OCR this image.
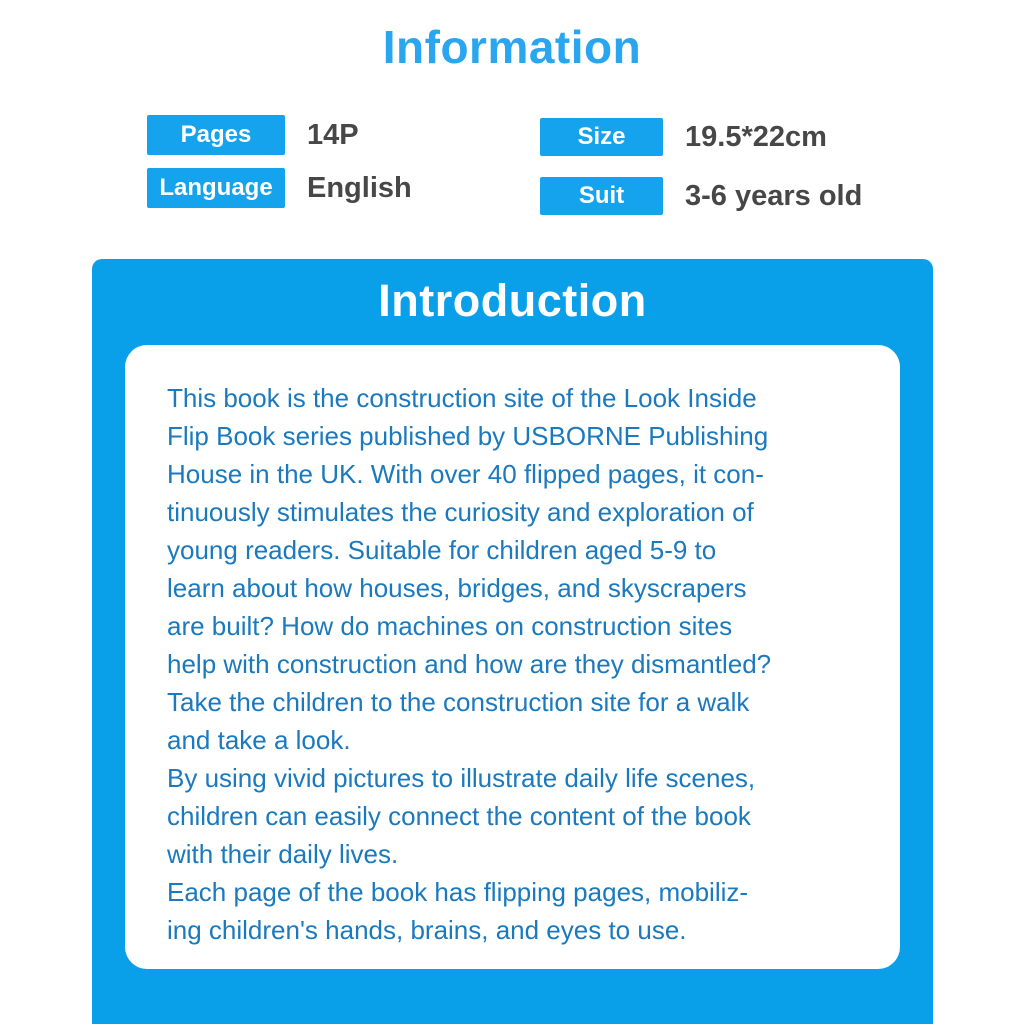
Information
Pages	14P
Language	English
Size	19.5*22cm
Suit	3-6 years old
Introduction
This book is the construction site of the Look Inside
Flip Book series published by USBORNE Publishing
House in the UK. With over 40 flipped pages, it con-
tinuously stimulates the curiosity and exploration of
young readers. Suitable for children aged 5-9 to
learn about how houses, bridges, and skyscrapers
are built? How do machines on construction sites
help with construction and how are they dismantled?
Take the children to the construction site for a walk
and take a look.
By using vivid pictures to illustrate daily life scenes,
children can easily connect the content of the book
with their daily lives.
Each page of the book has flipping pages, mobiliz-
ing children's hands, brains, and eyes to use.
